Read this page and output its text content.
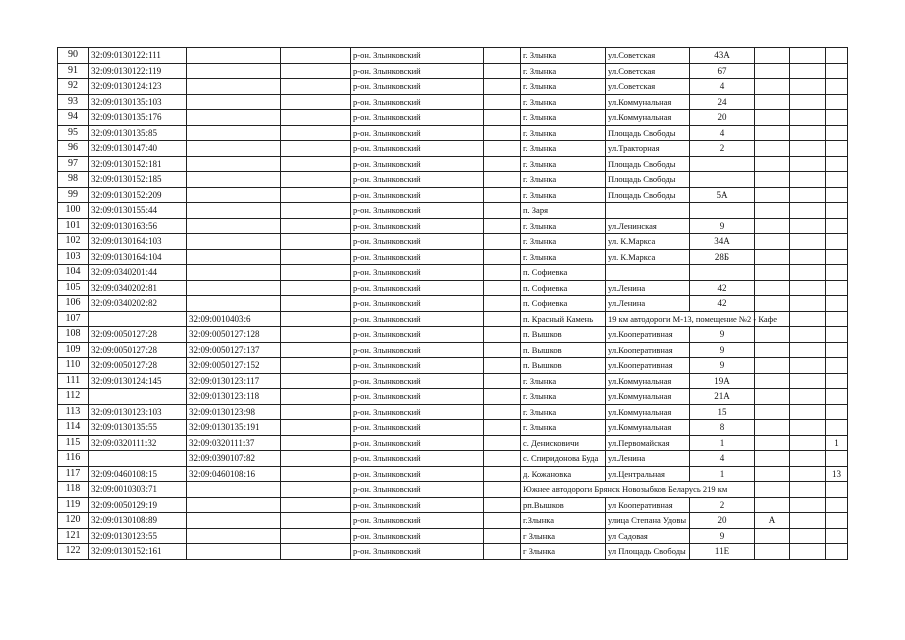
90	32:09:0130122:111			р-он. Злынковский		г. Злынка	ул.Советская	43А			
91	32:09:0130122:119			р-он. Злынковский		г. Злынка	ул.Советская	67			
92	32:09:0130124:123			р-он. Злынковский		г. Злынка	ул.Советская	4			
93	32:09:0130135:103			р-он. Злынковский		г. Злынка	ул.Коммунальная	24			
94	32:09:0130135:176			р-он. Злынковский		г. Злынка	ул.Коммунальная	20			
95	32:09:0130135:85			р-он. Злынковский		г. Злынка	Площадь Свободы	4			
96	32:09:0130147:40			р-он. Злынковский		г. Злынка	ул.Тракторная	2			
97	32:09:0130152:181			р-он. Злынковский		г. Злынка	Площадь Свободы				
98	32:09:0130152:185			р-он. Злынковский		г. Злынка	Площадь Свободы				
99	32:09:0130152:209			р-он. Злынковский		г. Злынка	Площадь Свободы	5А			
100	32:09:0130155:44			р-он. Злынковский		п. Заря					
101	32:09:0130163:56			р-он. Злынковский		г. Злынка	ул.Ленинская	9			
102	32:09:0130164:103			р-он. Злынковский		г. Злынка	ул. К.Маркса	34А			
103	32:09:0130164:104			р-он. Злынковский		г. Злынка	ул. К.Маркса	28Б			
104	32:09:0340201:44			р-он. Злынковский		п. Софиевка					
105	32:09:0340202:81			р-он. Злынковский		п. Софиевка	ул.Ленина	42			
106	32:09:0340202:82			р-он. Злынковский		п. Софиевка	ул.Ленина	42			
107		32:09:0010403:6		р-он. Злынковский		п. Красный Камень	19 км автодороги М-13, помещение №2 - Кафе				
108	32:09:0050127:28	32:09:0050127:128		р-он. Злынковский		п. Вышков	ул.Кооперативная	9			
109	32:09:0050127:28	32:09:0050127:137		р-он. Злынковский		п. Вышков	ул.Кооперативная	9			
110	32:09:0050127:28	32:09:0050127:152		р-он. Злынковский		п. Вышков	ул.Кооперативная	9			
111	32:09:0130124:145	32:09:0130123:117		р-он. Злынковский		г. Злынка	ул.Коммунальная	19А			
112		32:09:0130123:118		р-он. Злынковский		г. Злынка	ул.Коммунальная	21А			
113	32:09:0130123:103	32:09:0130123:98		р-он. Злынковский		г. Злынка	ул.Коммунальная	15			
114	32:09:0130135:55	32:09:0130135:191		р-он. Злынковский		г. Злынка	ул.Коммунальная	8			
115	32:09:0320111:32	32:09:0320111:37		р-он. Злынковский		с. Денисковичи	ул.Первомайская	1			1
116		32:09:0390107:82		р-он. Злынковский		с. Спиридонова Буда	ул.Ленина	4			
117	32:09:0460108:15	32:09:0460108:16		р-он. Злынковский		д. Кожановка	ул.Центральная	1			13
118	32:09:0010303:71			р-он. Злынковский		Южнее автодороги Брянск Новозыбков Беларусь 219 км					
119	32:09:0050129:19			р-он. Злынковский		рп.Вышков	ул Кооперативная	2			
120	32:09:0130108:89			р-он. Злынковский		г.Злынка	улица Степана Удовы	20	А		
121	32:09:0130123:55			р-он. Злынковский		г Злынка	ул Садовая	9			
122	32:09:0130152:161			р-он. Злынковский		г Злынка	ул Площадь Свободы	11Е			
